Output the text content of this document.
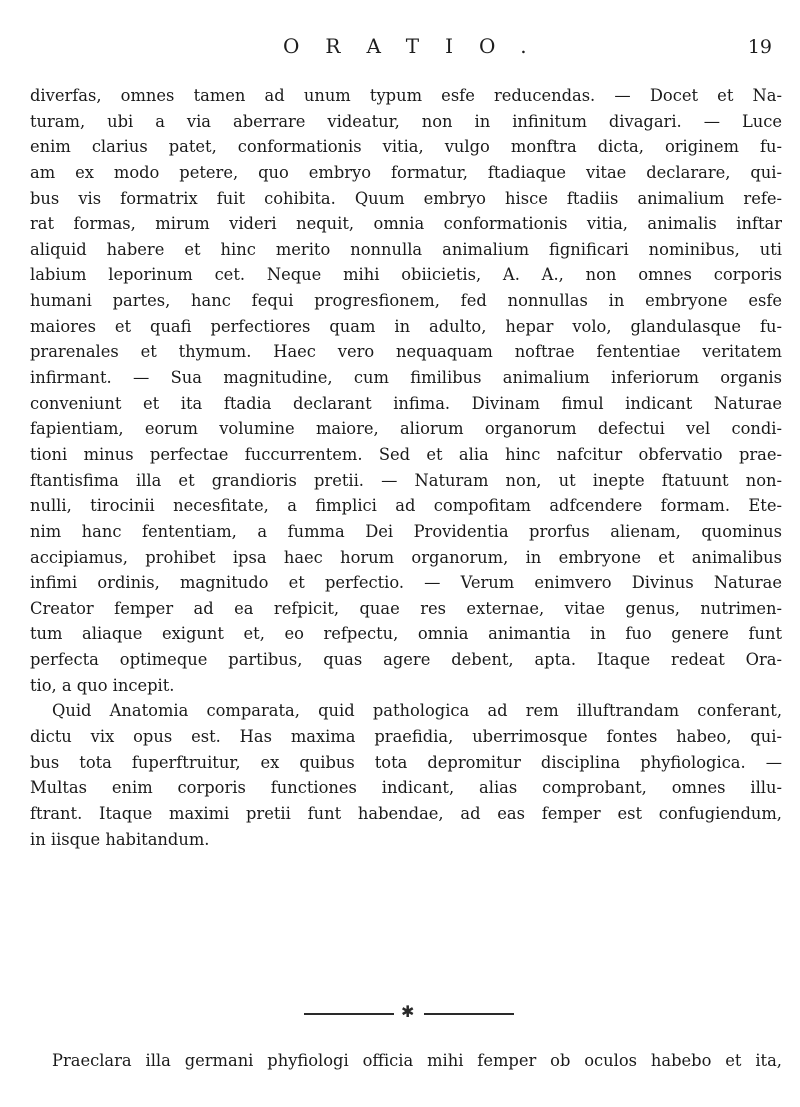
ORATIO.	19
diverfas, omnes tamen ad unum typum esfe reducendas. — Docet et Na-
turam, ubi a via aberrare videatur, non in infinitum divagari. — Luce
enim clarius patet, conformationis vitia, vulgo monftra dicta, originem fu-
am ex modo petere, quo embryo formatur, ftadiaque vitae declarare, qui-
bus vis formatrix fuit cohibita. Quum embryo hisce ftadiis animalium refe-
rat formas, mirum videri nequit, omnia conformationis vitia, animalis inftar
aliquid habere et hinc merito nonnulla animalium fignificari nominibus, uti
labium leporinum cet. Neque mihi obiicietis, A. A., non omnes corporis
humani partes, hanc fequi progresfionem, fed nonnullas in embryone esfe
maiores et quafi perfectiores quam in adulto, hepar volo, glandulasque fu-
prarenales et thymum. Haec vero nequaquam noftrae fententiae veritatem
infirmant. — Sua magnitudine, cum fimilibus animalium inferiorum organis
conveniunt et ita ftadia declarant infima. Divinam fimul indicant Naturae
fapientiam, eorum volumine maiore, aliorum organorum defectui vel condi-
tioni minus perfectae fuccurrentem. Sed et alia hinc nafcitur obfervatio prae-
ftantisfima illa et grandioris pretii. — Naturam non, ut inepte ftatuunt non-
nulli, tirocinii necesfitate, a fimplici ad compofitam adfcendere formam. Ete-
nim hanc fententiam, a fumma Dei Providentia prorfus alienam, quominus
accipiamus, prohibet ipsa haec horum organorum, in embryone et animalibus
infimi ordinis, magnitudo et perfectio. — Verum enimvero Divinus Naturae
Creator femper ad ea refpicit, quae res externae, vitae genus, nutrimen-
tum aliaque exigunt et, eo refpectu, omnia animantia in fuo genere funt
perfecta optimeque partibus, quas agere debent, apta. Itaque redeat Ora-
tio, a quo incepit.
Quid Anatomia comparata, quid pathologica ad rem illuftrandam conferant,
dictu vix opus est. Has maxima praefidia, uberrimosque fontes habeo, qui-
bus tota fuperftruitur, ex quibus tota depromitur disciplina phyfiologica. —
Multas enim corporis functiones indicant, alias comprobant, omnes illu-
ftrant. Itaque maximi pretii funt habendae, ad eas femper est confugiendum,
in iisque habitandum.
✱
Praeclara illa germani phyfiologi officia mihi femper ob oculos habebo et ita,
